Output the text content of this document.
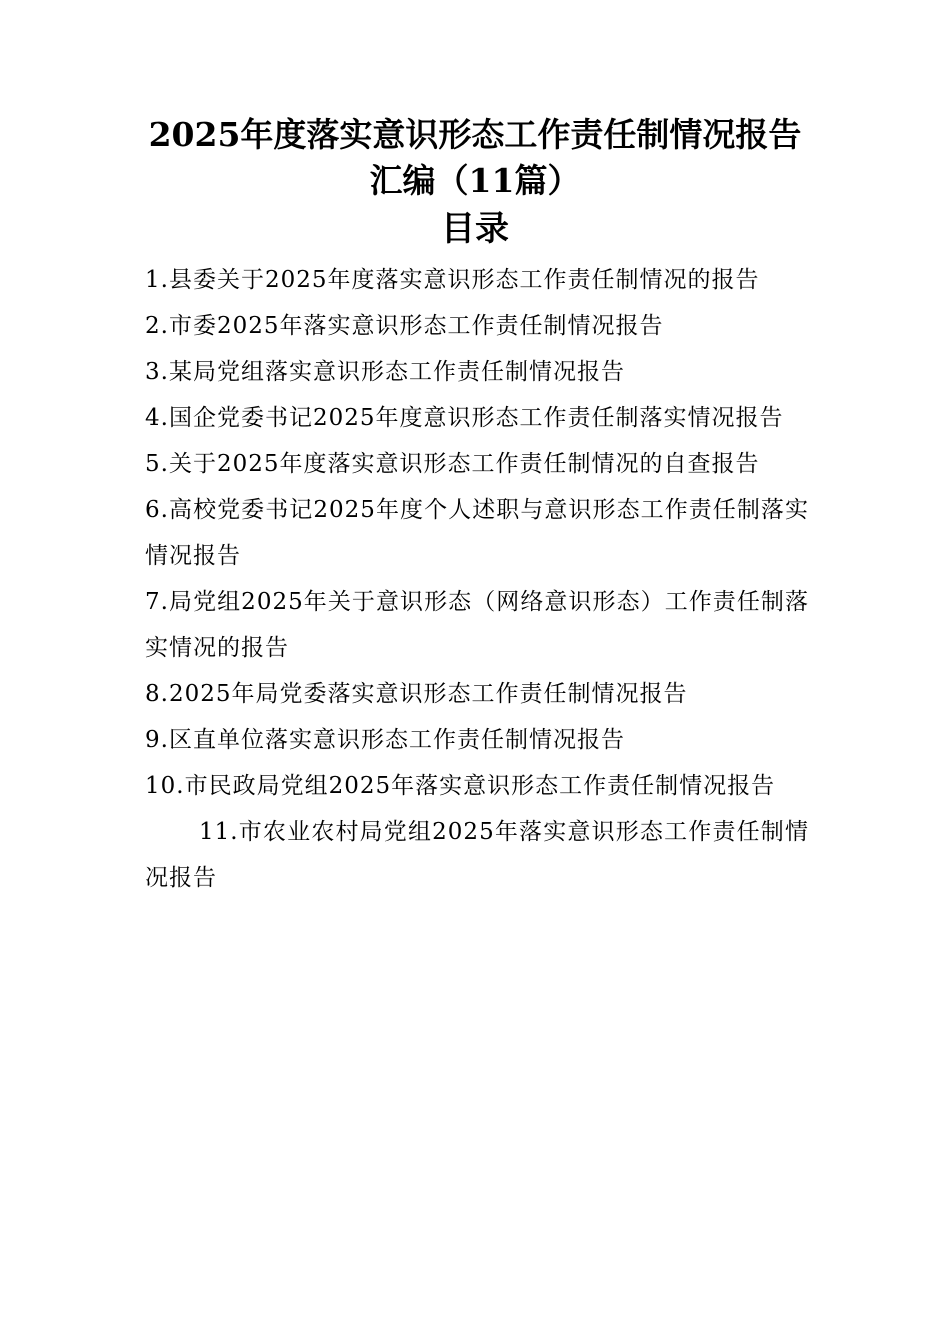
2025年度落实意识形态工作责任制情况报告汇编（11篇）
目录
1.县委关于2025年度落实意识形态工作责任制情况的报告
2.市委2025年落实意识形态工作责任制情况报告
3.某局党组落实意识形态工作责任制情况报告
4.国企党委书记2025年度意识形态工作责任制落实情况报告
5.关于2025年度落实意识形态工作责任制情况的自查报告
6.高校党委书记2025年度个人述职与意识形态工作责任制落实情况报告
7.局党组2025年关于意识形态（网络意识形态）工作责任制落实情况的报告
8.2025年局党委落实意识形态工作责任制情况报告
9.区直单位落实意识形态工作责任制情况报告
10.市民政局党组2025年落实意识形态工作责任制情况报告
11.市农业农村局党组2025年落实意识形态工作责任制情况报告
